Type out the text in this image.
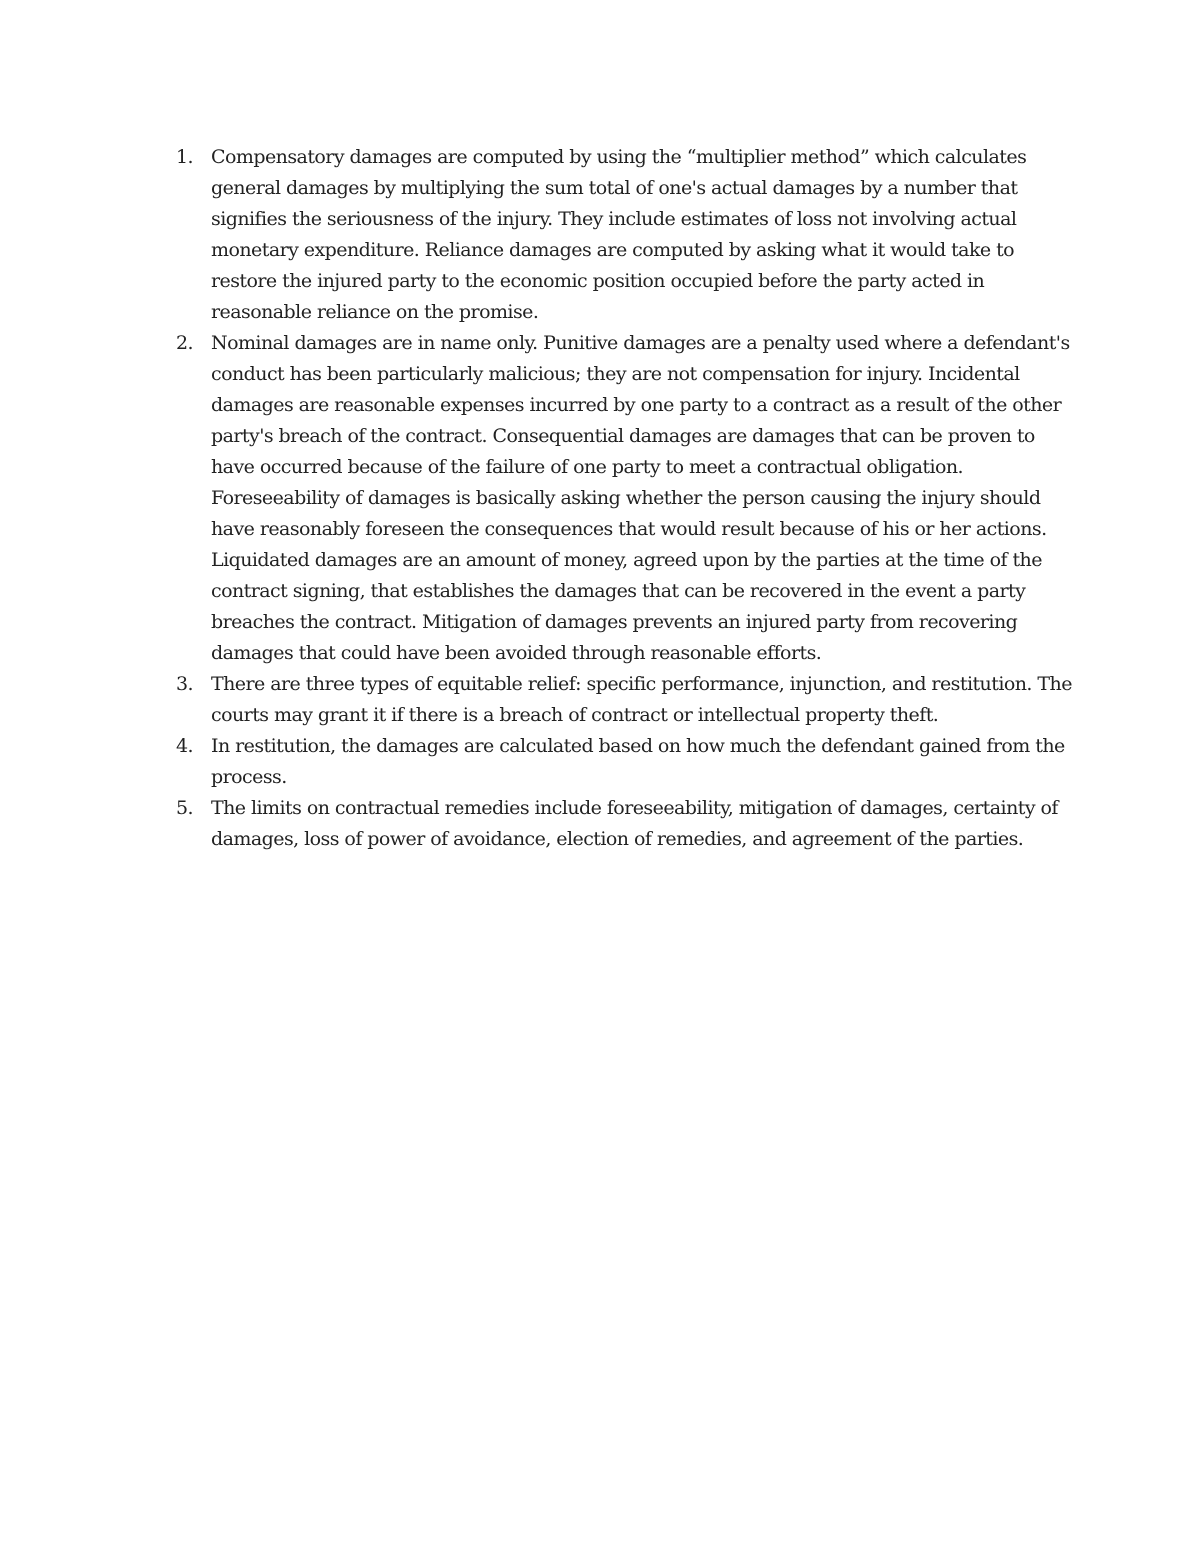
1. Compensatory damages are computed by using the “multiplier method” which calculates general damages by multiplying the sum total of one's actual damages by a number that signifies the seriousness of the injury. They include estimates of loss not involving actual monetary expenditure. Reliance damages are computed by asking what it would take to restore the injured party to the economic position occupied before the party acted in reasonable reliance on the promise.
2. Nominal damages are in name only. Punitive damages are a penalty used where a defendant's conduct has been particularly malicious; they are not compensation for injury. Incidental damages are reasonable expenses incurred by one party to a contract as a result of the other party's breach of the contract. Consequential damages are damages that can be proven to have occurred because of the failure of one party to meet a contractual obligation. Foreseeability of damages is basically asking whether the person causing the injury should have reasonably foreseen the consequences that would result because of his or her actions. Liquidated damages are an amount of money, agreed upon by the parties at the time of the contract signing, that establishes the damages that can be recovered in the event a party breaches the contract. Mitigation of damages prevents an injured party from recovering damages that could have been avoided through reasonable efforts.
3. There are three types of equitable relief: specific performance, injunction, and restitution. The courts may grant it if there is a breach of contract or intellectual property theft.
4. In restitution, the damages are calculated based on how much the defendant gained from the process.
5. The limits on contractual remedies include foreseeability, mitigation of damages, certainty of damages, loss of power of avoidance, election of remedies, and agreement of the parties.
